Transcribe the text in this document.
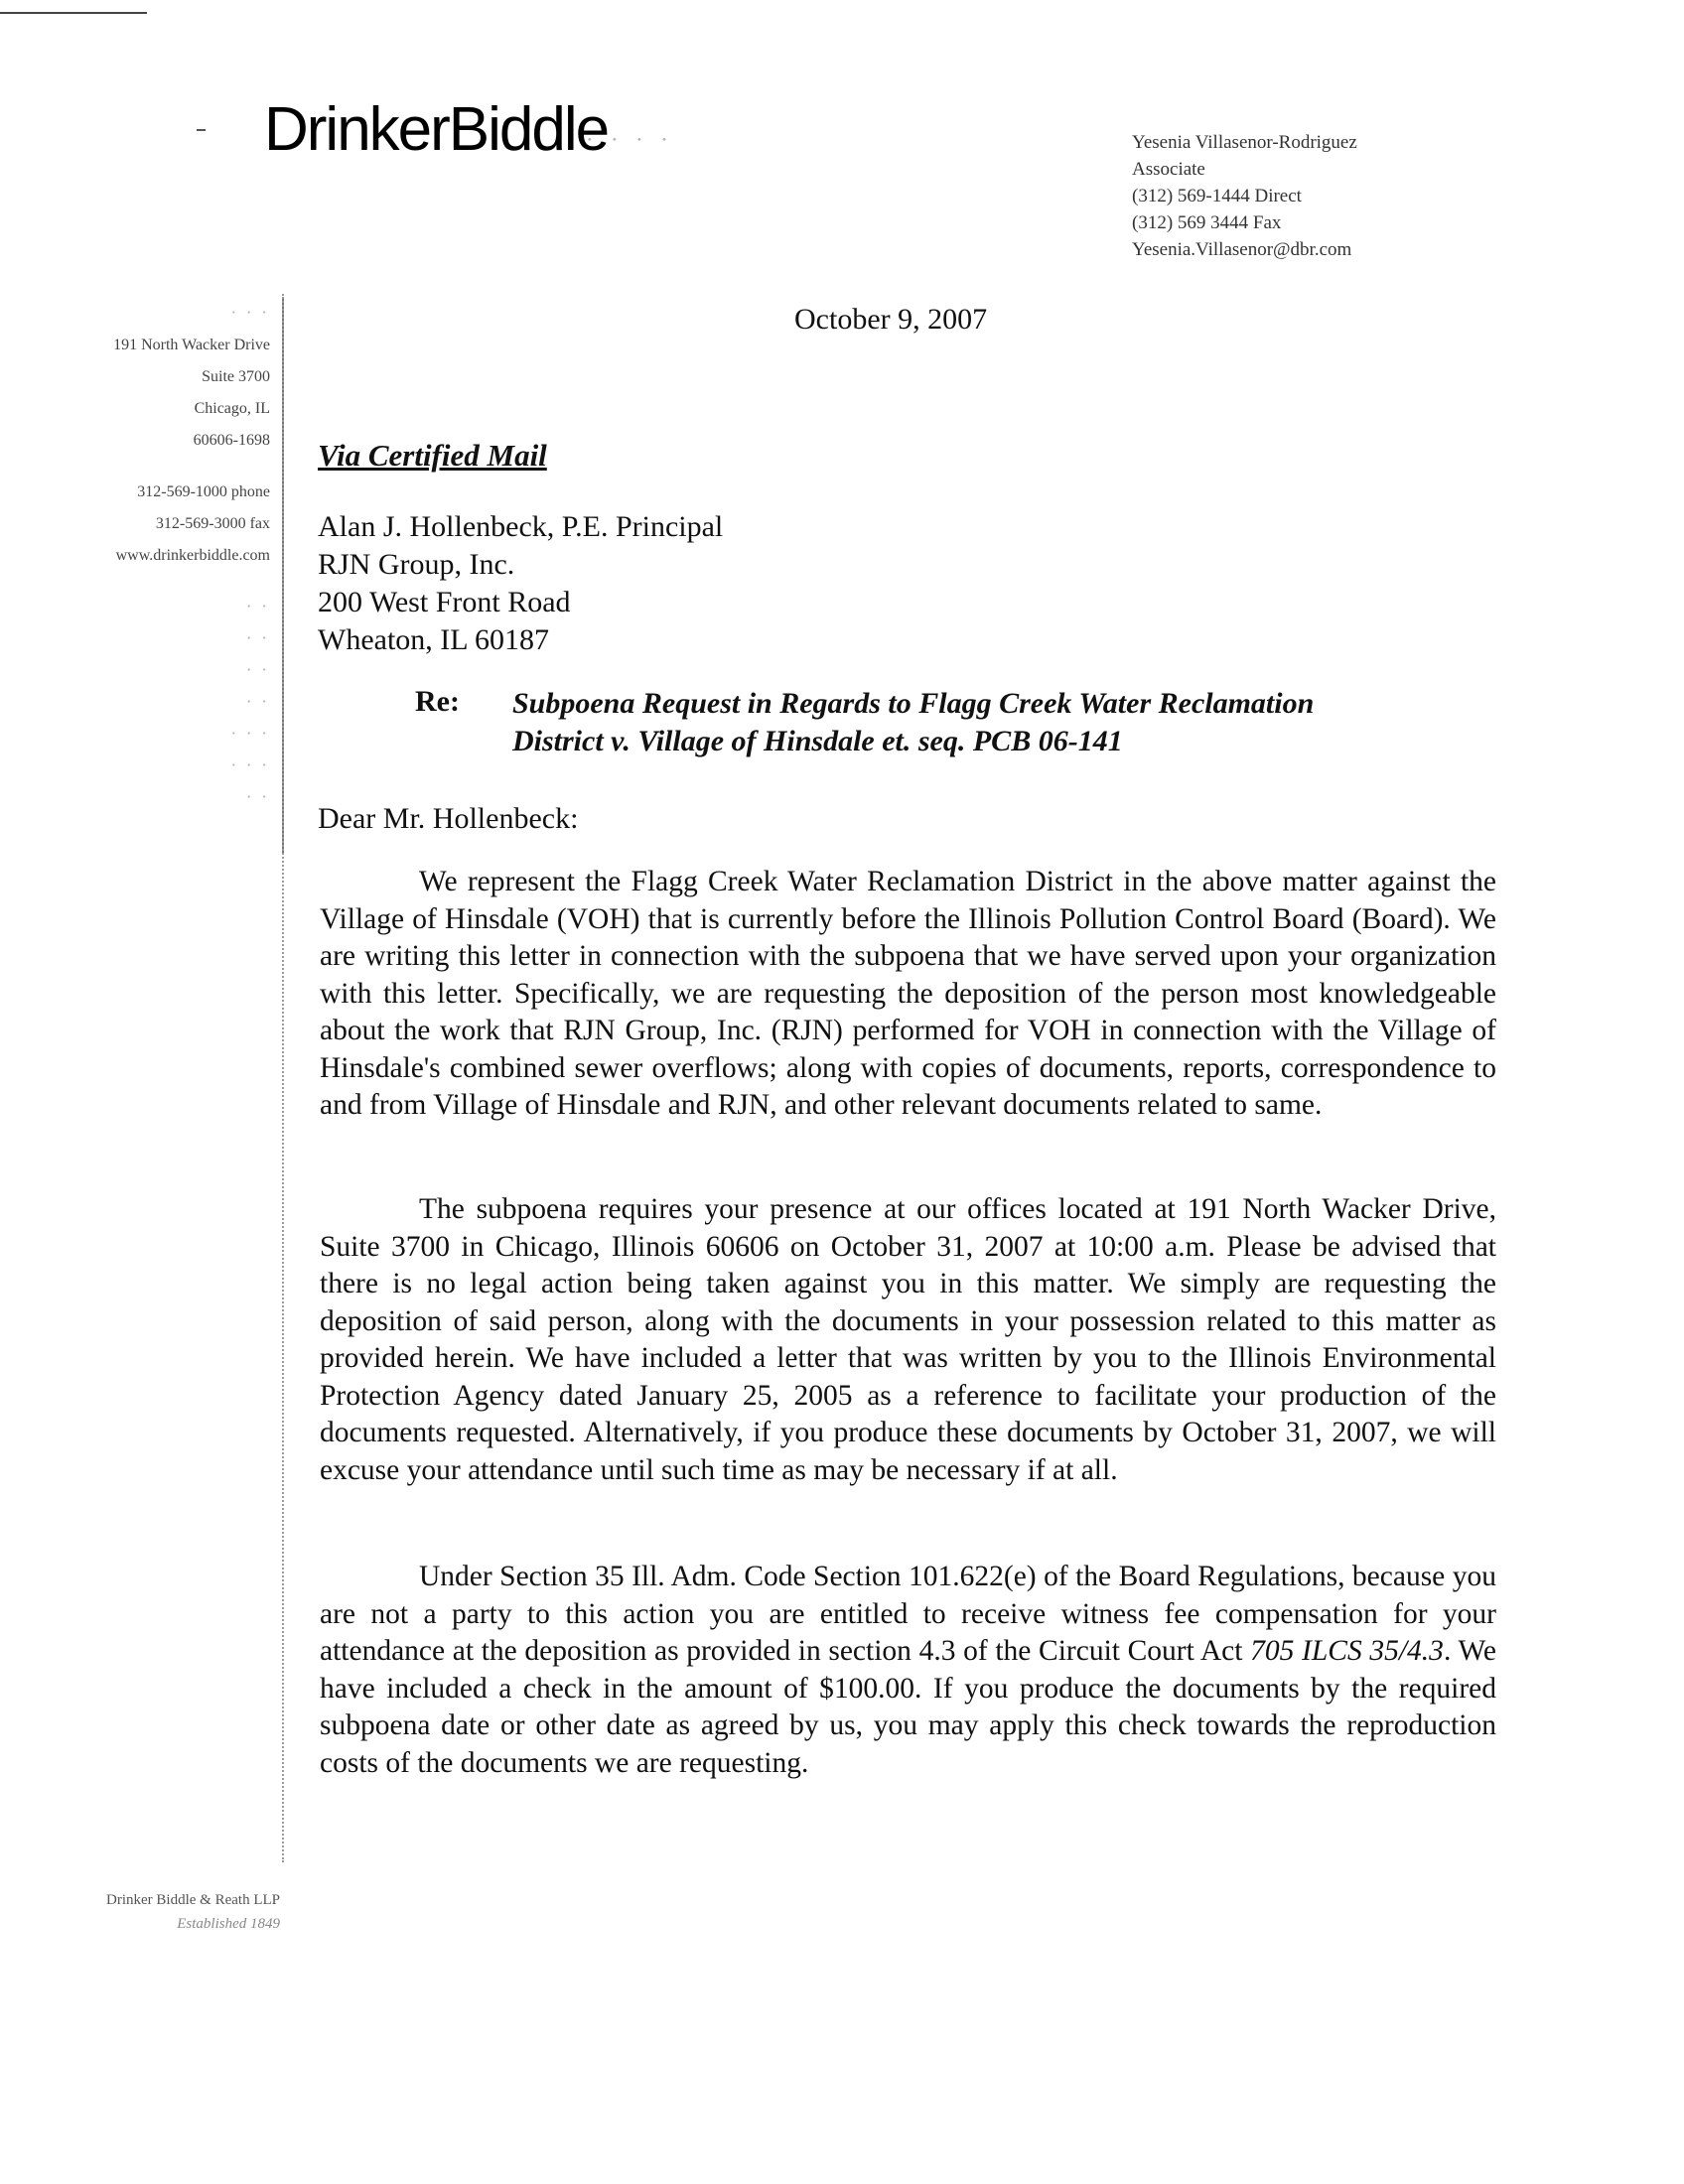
DrinkerBiddle
⋅ ⋅ ⋅ ⋅	Yesenia Villasenor-Rodriguez
Associate
(312) 569-1444 Direct
(312) 569 3444 Fax
Yesenia.Villasenor@dbr.com
⋅ ⋅ ⋅
191 North Wacker Drive
Suite 3700
Chicago, IL
60606-1698
312-569-1000 phone
312-569-3000 fax
www.drinkerbiddle.com
⋅ ⋅
⋅ ⋅
⋅ ⋅
⋅ ⋅
⋅ ⋅ ⋅
⋅ ⋅ ⋅
⋅ ⋅
October 9, 2007
Via Certified Mail
Alan J. Hollenbeck, P.E. Principal
RJN Group, Inc.
200 West Front Road
Wheaton, IL 60187
Re: Subpoena Request in Regards to Flagg Creek Water Reclamation
District v. Village of Hinsdale et. seq. PCB 06-141
Dear Mr. Hollenbeck:
We represent the Flagg Creek Water Reclamation District in the above matter against the Village of Hinsdale (VOH) that is currently before the Illinois Pollution Control Board (Board). We are writing this letter in connection with the subpoena that we have served upon your organization with this letter. Specifically, we are requesting the deposition of the person most knowledgeable about the work that RJN Group, Inc. (RJN) performed for VOH in connection with the Village of Hinsdale's combined sewer overflows; along with copies of documents, reports, correspondence to and from Village of Hinsdale and RJN, and other relevant documents related to same.
The subpoena requires your presence at our offices located at 191 North Wacker Drive, Suite 3700 in Chicago, Illinois 60606 on October 31, 2007 at 10:00 a.m. Please be advised that there is no legal action being taken against you in this matter. We simply are requesting the deposition of said person, along with the documents in your possession related to this matter as provided herein. We have included a letter that was written by you to the Illinois Environmental Protection Agency dated January 25, 2005 as a reference to facilitate your production of the documents requested. Alternatively, if you produce these documents by October 31, 2007, we will excuse your attendance until such time as may be necessary if at all.
Under Section 35 Ill. Adm. Code Section 101.622(e) of the Board Regulations, because you are not a party to this action you are entitled to receive witness fee compensation for your attendance at the deposition as provided in section 4.3 of the Circuit Court Act 705 ILCS 35/4.3. We have included a check in the amount of $100.00. If you produce the documents by the required subpoena date or other date as agreed by us, you may apply this check towards the reproduction costs of the documents we are requesting.
Drinker Biddle & Reath LLP
Established 1849
